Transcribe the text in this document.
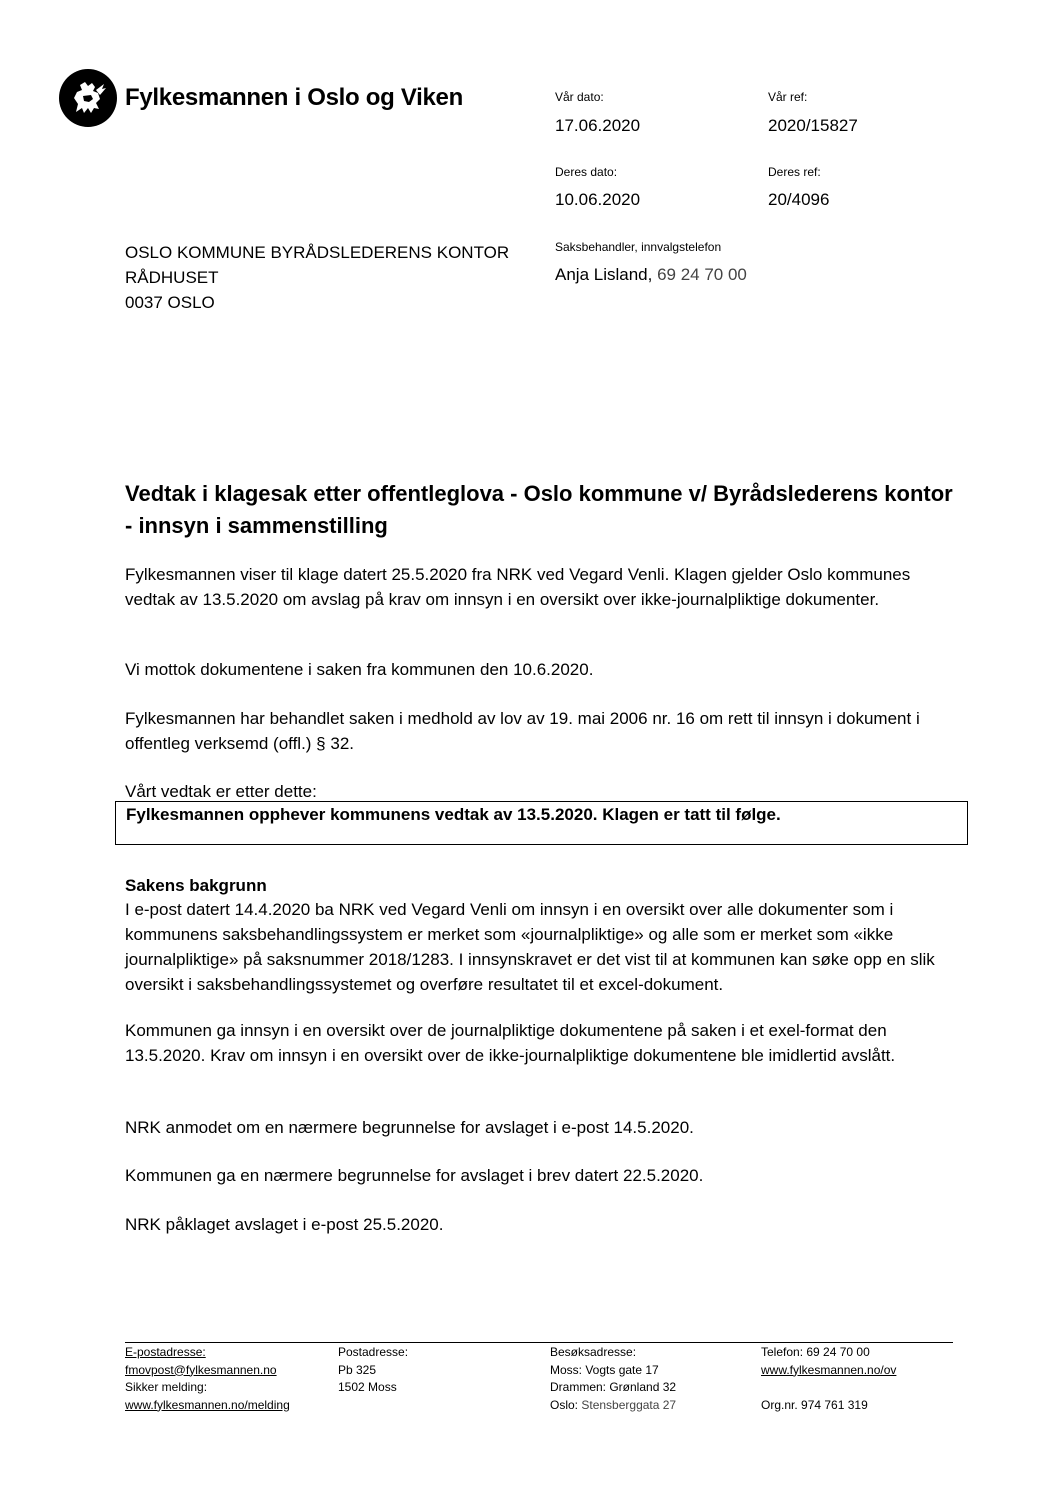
Fylkesmannen i Oslo og Viken	Vår dato:
17.06.2020
Vår ref:
2020/15827
Deres dato:
10.06.2020
Deres ref:
20/4096
Saksbehandler, innvalgstelefon
Anja Lisland, 69 24 70 00
OSLO KOMMUNE BYRÅDSLEDERENS KONTOR
RÅDHUSET
0037 OSLO
Vedtak i klagesak etter offentleglova - Oslo kommune v/ Byrådslederens kontor - innsyn i sammenstilling
Fylkesmannen viser til klage datert 25.5.2020 fra NRK ved Vegard Venli. Klagen gjelder Oslo kommunes vedtak av 13.5.2020 om avslag på krav om innsyn i en oversikt over ikke-journalpliktige dokumenter.
Vi mottok dokumentene i saken fra kommunen den 10.6.2020.
Fylkesmannen har behandlet saken i medhold av lov av 19. mai 2006 nr. 16 om rett til innsyn i dokument i offentleg verksemd (offl.) § 32.
Vårt vedtak er etter dette:
Fylkesmannen opphever kommunens vedtak av 13.5.2020. Klagen er tatt til følge.
Sakens bakgrunn
I e-post datert 14.4.2020 ba NRK ved Vegard Venli om innsyn i en oversikt over alle dokumenter som i kommunens saksbehandlingssystem er merket som «journalpliktige» og alle som er merket som «ikke journalpliktige» på saksnummer 2018/1283. I innsynskravet er det vist til at kommunen kan søke opp en slik oversikt i saksbehandlingssystemet og overføre resultatet til et excel-dokument.
Kommunen ga innsyn i en oversikt over de journalpliktige dokumentene på saken i et exel-format den 13.5.2020. Krav om innsyn i en oversikt over de ikke-journalpliktige dokumentene ble imidlertid avslått.
NRK anmodet om en nærmere begrunnelse for avslaget i e-post 14.5.2020.
Kommunen ga en nærmere begrunnelse for avslaget i brev datert 22.5.2020.
NRK påklaget avslaget i e-post 25.5.2020.
E-postadresse:
fmovpost@fylkesmannen.no
Sikker melding:
www.fylkesmannen.no/melding
Postadresse:
Pb 325
1502 Moss
Besøksadresse:
Moss: Vogts gate 17
Drammen: Grønland 32
Oslo: Stensberggata 27
Telefon: 69 24 70 00
www.fylkesmannen.no/ov

Org.nr. 974 761 319
